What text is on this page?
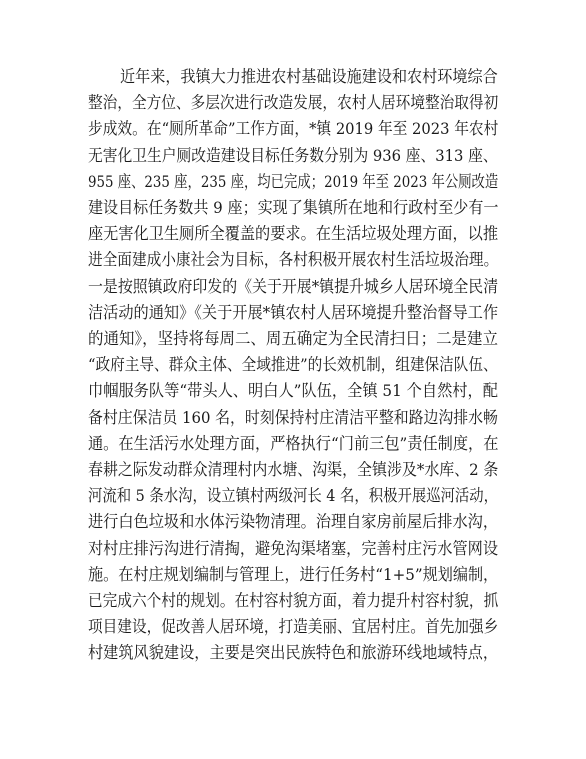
近年来，我镇大力推进农村基础设施建设和农村环境综合
整治，全方位、多层次进行改造发展，农村人居环境整治取得初
步成效。在“厕所革命”工作方面，*镇 2019 年至 2023 年农村
无害化卫生户厕改造建设目标任务数分别为 936 座、313 座、
955 座、235 座，235 座，均已完成；2019 年至 2023 年公厕改造
建设目标任务数共 9 座；实现了集镇所在地和行政村至少有一
座无害化卫生厕所全覆盖的要求。在生活垃圾处理方面，以推
进全面建成小康社会为目标，各村积极开展农村生活垃圾治理。
一是按照镇政府印发的《关于开展*镇提升城乡人居环境全民清
洁活动的通知》《关于开展*镇农村人居环境提升整治督导工作
的通知》，坚持将每周二、周五确定为全民清扫日；二是建立
“政府主导、群众主体、全域推进”的长效机制，组建保洁队伍、
巾帼服务队等“带头人、明白人”队伍，全镇 51 个自然村，配
备村庄保洁员 160 名，时刻保持村庄清洁平整和路边沟排水畅
通。在生活污水处理方面，严格执行“门前三包”责任制度，在
春耕之际发动群众清理村内水塘、沟渠，全镇涉及*水库、2 条
河流和 5 条水沟，设立镇村两级河长 4 名，积极开展巡河活动，
进行白色垃圾和水体污染物清理。治理自家房前屋后排水沟，
对村庄排污沟进行清掏，避免沟渠堵塞，完善村庄污水管网设
施。在村庄规划编制与管理上，进行任务村“1+5”规划编制，
已完成六个村的规划。在村容村貌方面，着力提升村容村貌，抓
项目建设，促改善人居环境，打造美丽、宜居村庄。首先加强乡
村建筑风貌建设，主要是突出民族特色和旅游环线地域特点，
